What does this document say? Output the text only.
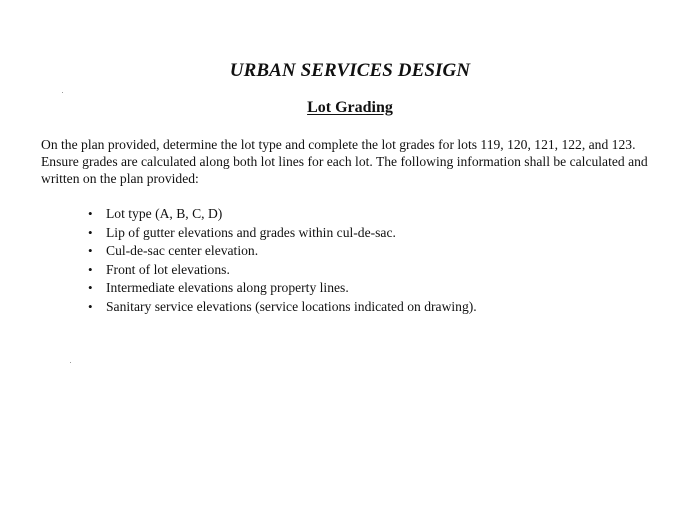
URBAN SERVICES DESIGN
Lot Grading

On the plan provided, determine the lot type and complete the lot grades for lots 119, 120, 121, 122, and 123. Ensure grades are calculated along both lot lines for each lot. The following information shall be calculated and written on the plan provided:

• Lot type (A, B, C, D)
• Lip of gutter elevations and grades within cul-de-sac.
• Cul-de-sac center elevation.
• Front of lot elevations.
• Intermediate elevations along property lines.
• Sanitary service elevations (service locations indicated on drawing).
